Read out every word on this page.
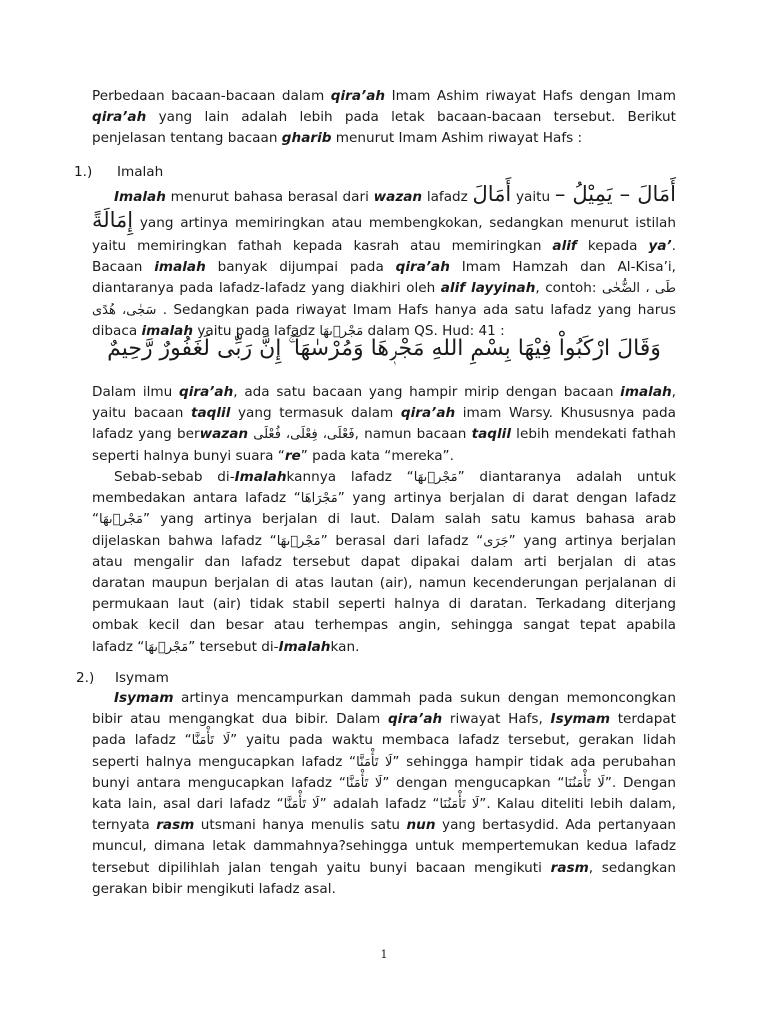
Perbedaan bacaan-bacaan dalam qira’ah Imam Ashim riwayat Hafs dengan Imam
qira’ah yang lain adalah lebih pada letak bacaan-bacaan tersebut. Berikut
penjelasan tentang bacaan gharib menurut Imam Ashim riwayat Hafs :
1.) Imalah
Imalah menurut bahasa berasal dari wazan lafadz أَمَالَ yaitu أَمَالَ – يَمِيْلُ –
إِمَالَةً yang artinya memiringkan atau membengkokan, sedangkan menurut istilah
yaitu memiringkan fathah kepada kasrah atau memiringkan alif kepada ya’.
Bacaan imalah banyak dijumpai pada qira’ah Imam Hamzah dan Al-Kisa’i,
diantaranya pada lafadz-lafadz yang diakhiri oleh alif layyinah, contoh: طَى ، الضُّحٰى
سَجٰى، هُدًى . Sedangkan pada riwayat Imam Hafs hanya ada satu lafadz yang harus
dibaca imalah yaitu pada lafadz مَجْرٖىهَا dalam QS. Hud: 41 :
وَقَالَ ارْكَبُواْ فِيْهَا بِسْمِ اللهِ مَجْرٖهَا وَمُرْسٰهَآ ۚ إِنَّ رَبِّى لَغَفُورٌ رَّحِيمٌ
Dalam ilmu qira’ah, ada satu bacaan yang hampir mirip dengan bacaan imalah,
yaitu bacaan taqlil yang termasuk dalam qira’ah imam Warsy. Khususnya pada
lafadz yang berwazan فَعْلَى، فِعْلَى، فُعْلَى, namun bacaan taqlil lebih mendekati fathah
seperti halnya bunyi suara “re” pada kata “mereka”.
Sebab-sebab di-Imalahkannya lafadz “مَجْرٖىهَا” diantaranya adalah untuk
membedakan antara lafadz “مَجْرَاهَا” yang artinya berjalan di darat dengan lafadz
“مَجْرٖىهَا” yang artinya berjalan di laut. Dalam salah satu kamus bahasa arab
dijelaskan bahwa lafadz “مَجْرٖىهَا” berasal dari lafadz “جَرَى” yang artinya berjalan
atau mengalir dan lafadz tersebut dapat dipakai dalam arti berjalan di atas
daratan maupun berjalan di atas lautan (air), namun kecenderungan perjalanan di
permukaan laut (air) tidak stabil seperti halnya di daratan. Terkadang diterjang
ombak kecil dan besar atau terhempas angin, sehingga sangat tepat apabila
lafadz “مَجْرٖىهَا” tersebut di-Imalahkan.
2.) Isymam
Isymam artinya mencampurkan dammah pada sukun dengan memoncongkan
bibir atau mengangkat dua bibir. Dalam qira’ah riwayat Hafs, Isymam terdapat
pada lafadz “لَا تَأْمَنَّا” yaitu pada waktu membaca lafadz tersebut, gerakan lidah
seperti halnya mengucapkan lafadz “لَا تَأْمَنَّا” sehingga hampir tidak ada perubahan
bunyi antara mengucapkan lafadz “لَا تَأْمَنَّا” dengan mengucapkan “لَا تَأْمَنُنَا”. Dengan
kata lain, asal dari lafadz “لَا تَأْمَنَّا” adalah lafadz “لَا تَأْمَنُنَا”. Kalau diteliti lebih dalam,
ternyata rasm utsmani hanya menulis satu nun yang bertasydid. Ada pertanyaan
muncul, dimana letak dammahnya?sehingga untuk mempertemukan kedua lafadz
tersebut dipilihlah jalan tengah yaitu bunyi bacaan mengikuti rasm, sedangkan
gerakan bibir mengikuti lafadz asal.
1
